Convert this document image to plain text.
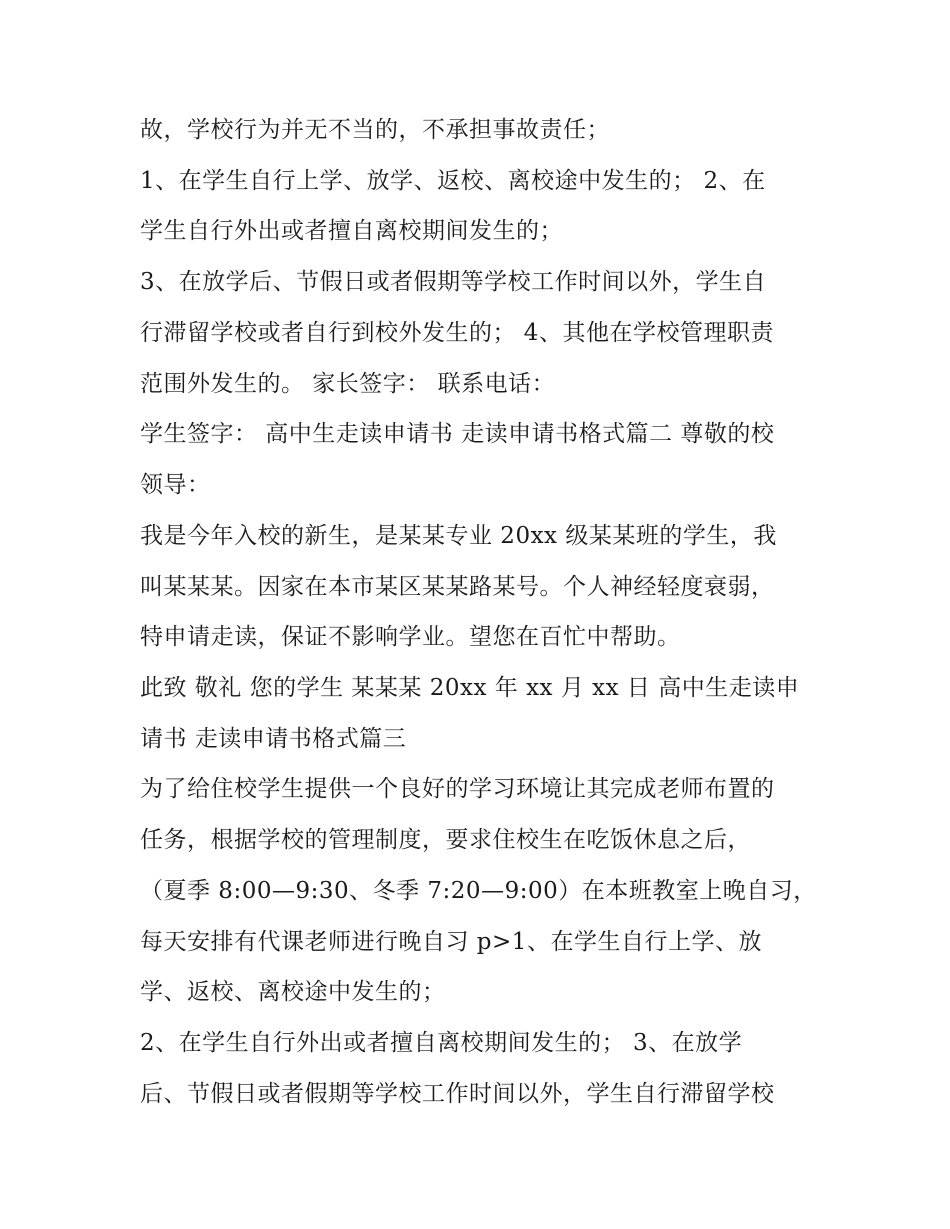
故，学校行为并无不当的，不承担事故责任；
1、在学生自行上学、放学、返校、离校途中发生的； 2、在
学生自行外出或者擅自离校期间发生的；
3、在放学后、节假日或者假期等学校工作时间以外，学生自
行滞留学校或者自行到校外发生的； 4、其他在学校管理职责
范围外发生的。 家长签字： 联系电话：
学生签字： 高中生走读申请书 走读申请书格式篇二 尊敬的校
领导：
我是今年入校的新生，是某某专业 20xx 级某某班的学生，我
叫某某某。因家在本市某区某某路某号。个人神经轻度衰弱，
特申请走读，保证不影响学业。望您在百忙中帮助。
此致 敬礼 您的学生 某某某 20xx 年 xx 月 xx 日 高中生走读申
请书 走读申请书格式篇三
为了给住校学生提供一个良好的学习环境让其完成老师布置的
任务，根据学校的管理制度，要求住校生在吃饭休息之后，
（夏季 8:00—9:30、冬季 7:20—9:00）在本班教室上晚自习，
每天安排有代课老师进行晚自习 p>1、在学生自行上学、放
学、返校、离校途中发生的；
2、在学生自行外出或者擅自离校期间发生的； 3、在放学
后、节假日或者假期等学校工作时间以外，学生自行滞留学校
